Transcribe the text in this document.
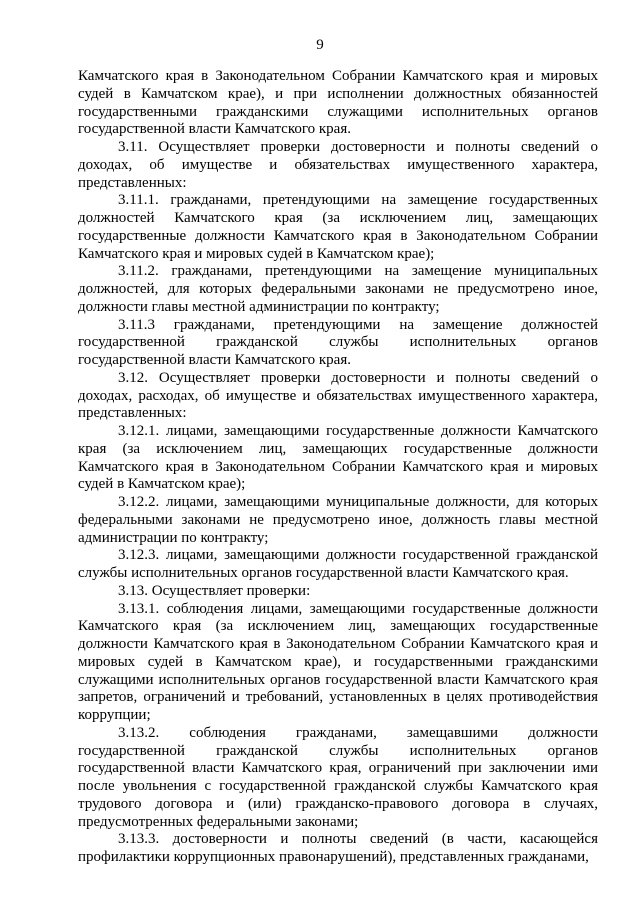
9

Камчатского края в Законодательном Собрании Камчатского края и мировых судей в Камчатском крае), и при исполнении должностных обязанностей государственными гражданскими служащими исполнительных органов государственной власти Камчатского края.

3.11. Осуществляет проверки достоверности и полноты сведений о доходах, об имуществе и обязательствах имущественного характера, представленных:

3.11.1. гражданами, претендующими на замещение государственных должностей Камчатского края (за исключением лиц, замещающих государственные должности Камчатского края в Законодательном Собрании Камчатского края и мировых судей в Камчатском крае);

3.11.2. гражданами, претендующими на замещение муниципальных должностей, для которых федеральными законами не предусмотрено иное, должности главы местной администрации по контракту;

3.11.3 гражданами, претендующими на замещение должностей государственной гражданской службы исполнительных органов государственной власти Камчатского края.

3.12. Осуществляет проверки достоверности и полноты сведений о доходах, расходах, об имуществе и обязательствах имущественного характера, представленных:

3.12.1. лицами, замещающими государственные должности Камчатского края (за исключением лиц, замещающих государственные должности Камчатского края в Законодательном Собрании Камчатского края и мировых судей в Камчатском крае);

3.12.2. лицами, замещающими муниципальные должности, для которых федеральными законами не предусмотрено иное, должность главы местной администрации по контракту;

3.12.3. лицами, замещающими должности государственной гражданской службы исполнительных органов государственной власти Камчатского края.

3.13. Осуществляет проверки:

3.13.1. соблюдения лицами, замещающими государственные должности Камчатского края (за исключением лиц, замещающих государственные должности Камчатского края в Законодательном Собрании Камчатского края и мировых судей в Камчатском крае), и государственными гражданскими служащими исполнительных органов государственной власти Камчатского края запретов, ограничений и требований, установленных в целях противодействия коррупции;

3.13.2. соблюдения гражданами, замещавшими должности государственной гражданской службы исполнительных органов государственной власти Камчатского края, ограничений при заключении ими после увольнения с государственной гражданской службы Камчатского края трудового договора и (или) гражданско-правового договора в случаях, предусмотренных федеральными законами;

3.13.3. достоверности и полноты сведений (в части, касающейся профилактики коррупционных правонарушений), представленных гражданами,
